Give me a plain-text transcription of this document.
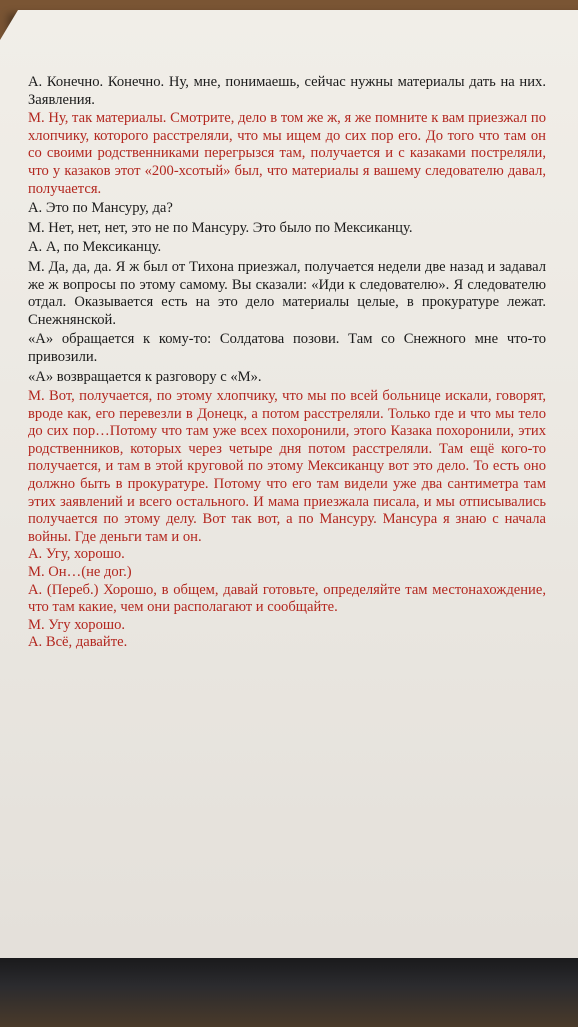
А. Конечно. Конечно. Ну, мне, понимаешь, сейчас нужны материалы дать на них. Заявления.

М. Ну, так материалы. Смотрите, дело в том же ж, я же помните к вам приезжал по хлопчику, которого расстреляли, что мы ищем до сих пор его. До того что там он со своими родственниками перегрызся там, получается и с казаками постреляли, что у казаков этот «200-хсотый» был, что материалы я вашему следователю давал, получается.

А. Это по Мансуру, да?

М. Нет, нет, нет, это не по Мансуру. Это было по Мексиканцу.

А. А, по Мексиканцу.

М. Да, да, да. Я ж был от Тихона приезжал, получается недели две назад и задавал же ж вопросы по этому самому. Вы сказали: «Иди к следователю». Я следователю отдал. Оказывается есть на это дело материалы целые, в прокуратуре лежат. Снежнянской.

«А» обращается к кому-то: Солдатова позови. Там со Снежного мне что-то привозили.

«А» возвращается к разговору с «М».

М. Вот, получается, по этому хлопчику, что мы по всей больнице искали, говорят, вроде как, его перевезли в Донецк, а потом расстреляли. Только где и что мы тело до сих пор…Потому что там уже всех похоронили, этого Казака похоронили, этих родственников, которых через четыре дня потом расстреляли. Там ещё кого-то получается, и там в этой круговой по этому Мексиканцу вот это дело. То есть оно должно быть в прокуратуре. Потому что его там видели уже два сантиметра там этих заявлений и всего остального. И мама приезжала писала, и мы отписывались получается по этому делу. Вот так вот, а по Мансуру. Мансура я знаю с начала войны. Где деньги там и он.

А. Угу, хорошо.

М. Он…(не дог.)

А. (Переб.) Хорошо, в общем, давай готовьте, определяйте там местонахождение, что там какие, чем они располагают и сообщайте.

М. Угу хорошо.

А. Всё, давайте.
